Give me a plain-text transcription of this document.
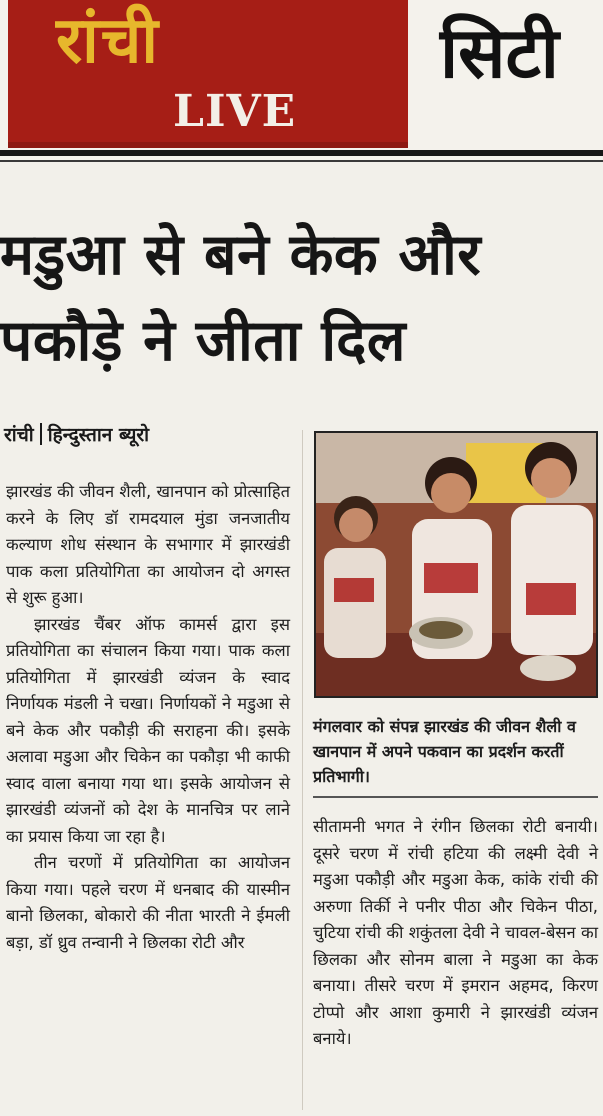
रांची
LIVE
सिटी
मडुआ से बने केक और
पकौड़े ने जीता दिल
रांची हिन्दुस्तान ब्यूरो

झारखंड की जीवन शैली, खानपान को प्रोत्साहित करने के लिए डॉ रामदयाल मुंडा जनजातीय कल्याण शोध संस्थान के सभागार में झारखंडी पाक कला प्रतियोगिता का आयोजन दो अगस्त से शुरू हुआ।

झारखंड चैंबर ऑफ कामर्स द्वारा इस प्रतियोगिता का संचालन किया गया। पाक कला प्रतियोगिता में झारखंडी व्यंजन के स्वाद निर्णायक मंडली ने चखा। निर्णायकों ने मडुआ से बने केक और पकौड़ी की सराहना की। इसके अलावा मडुआ और चिकेन का पकौड़ा भी काफी स्वाद वाला बनाया गया था। इसके आयोजन से झारखंडी व्यंजनों को देश के मानचित्र पर लाने का प्रयास किया जा रहा है।

तीन चरणों में प्रतियोगिता का आयोजन किया गया। पहले चरण में धनबाद की यास्मीन बानो छिलका, बोकारो की नीता भारती ने ईमली बड़ा, डॉ ध्रुव तन्वानी ने छिलका रोटी और

मंगलवार को संपन्न झारखंड की जीवन शैली व खानपान में अपने पकवान का प्रदर्शन करतीं प्रतिभागी।

सीतामनी भगत ने रंगीन छिलका रोटी बनायी। दूसरे चरण में रांची हटिया की लक्ष्मी देवी ने मडुआ पकौड़ी और मडुआ केक, कांके रांची की अरुणा तिर्की ने पनीर पीठा और चिकेन पीठा, चुटिया रांची की शकुंतला देवी ने चावल-बेसन का छिलका और सोनम बाला ने मडुआ का केक बनाया। तीसरे चरण में इमरान अहमद, किरण टोप्पो और आशा कुमारी ने झारखंडी व्यंजन बनाये।
